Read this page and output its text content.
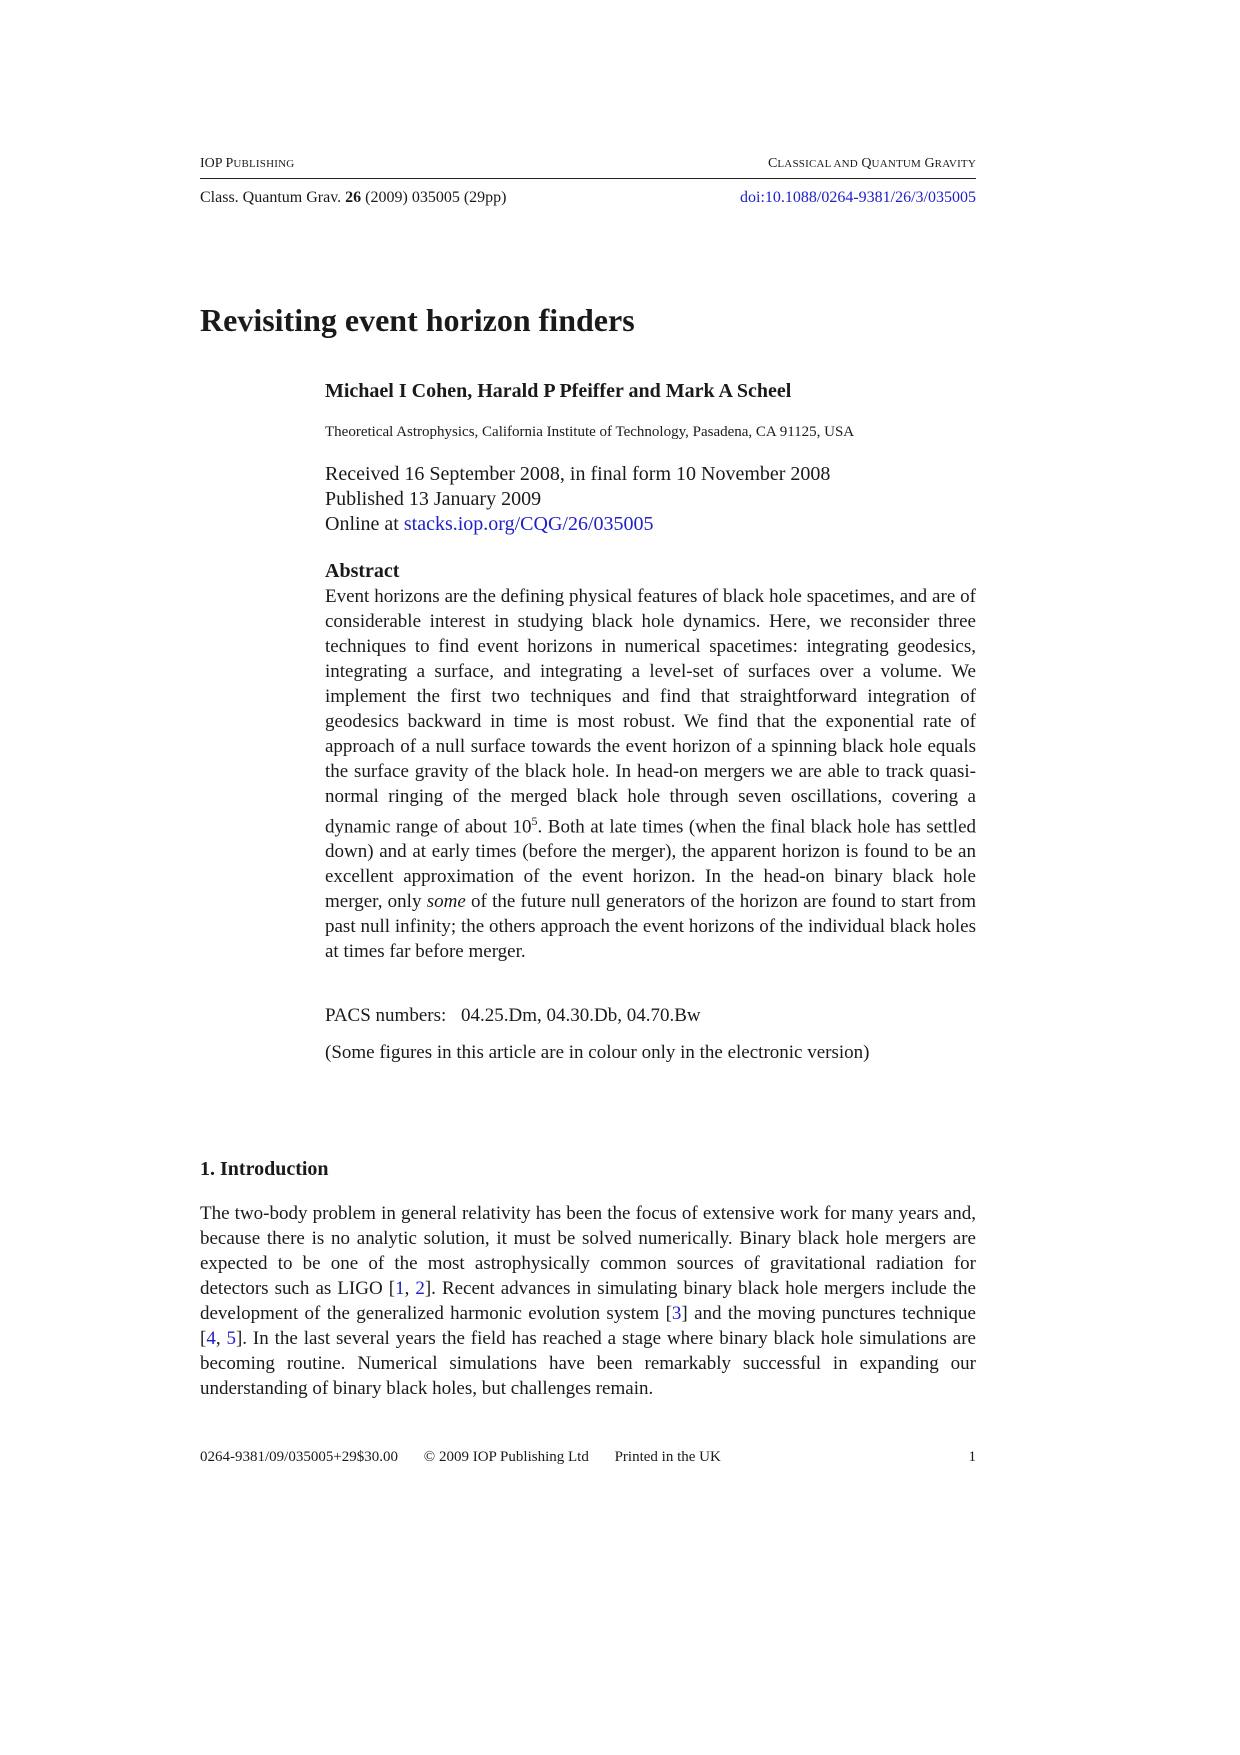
IOP PUBLISHING	CLASSICAL AND QUANTUM GRAVITY
Class. Quantum Grav. 26 (2009) 035005 (29pp)	doi:10.1088/0264-9381/26/3/035005
Revisiting event horizon finders
Michael I Cohen, Harald P Pfeiffer and Mark A Scheel
Theoretical Astrophysics, California Institute of Technology, Pasadena, CA 91125, USA
Received 16 September 2008, in final form 10 November 2008
Published 13 January 2009
Online at stacks.iop.org/CQG/26/035005
Abstract
Event horizons are the defining physical features of black hole spacetimes, and are of considerable interest in studying black hole dynamics. Here, we reconsider three techniques to find event horizons in numerical spacetimes: integrating geodesics, integrating a surface, and integrating a level-set of surfaces over a volume. We implement the first two techniques and find that straightforward integration of geodesics backward in time is most robust. We find that the exponential rate of approach of a null surface towards the event horizon of a spinning black hole equals the surface gravity of the black hole. In head-on mergers we are able to track quasi-normal ringing of the merged black hole through seven oscillations, covering a dynamic range of about $10^5$. Both at late times (when the final black hole has settled down) and at early times (before the merger), the apparent horizon is found to be an excellent approximation of the event horizon. In the head-on binary black hole merger, only some of the future null generators of the horizon are found to start from past null infinity; the others approach the event horizons of the individual black holes at times far before merger.
PACS numbers: 04.25.Dm, 04.30.Db, 04.70.Bw
(Some figures in this article are in colour only in the electronic version)
1. Introduction
The two-body problem in general relativity has been the focus of extensive work for many years and, because there is no analytic solution, it must be solved numerically. Binary black hole mergers are expected to be one of the most astrophysically common sources of gravitational radiation for detectors such as LIGO [1, 2]. Recent advances in simulating binary black hole mergers include the development of the generalized harmonic evolution system [3] and the moving punctures technique [4, 5]. In the last several years the field has reached a stage where binary black hole simulations are becoming routine. Numerical simulations have been remarkably successful in expanding our understanding of binary black holes, but challenges remain.
0264-9381/09/035005+29$30.00 © 2009 IOP Publishing Ltd Printed in the UK	1
